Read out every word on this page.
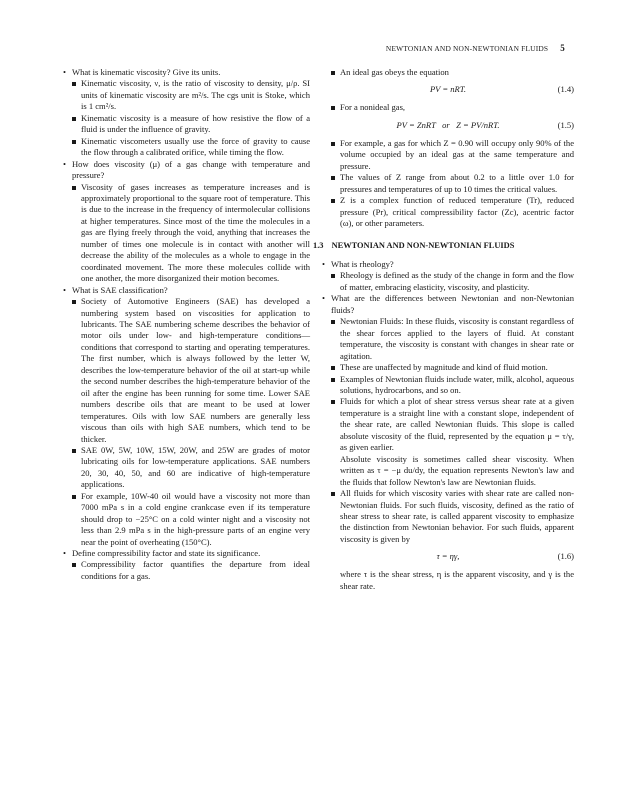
NEWTONIAN AND NON-NEWTONIAN FLUIDS 5

• What is kinematic viscosity? Give its units.

Kinematic viscosity, ν, is the ratio of viscosity to density, μ/ρ. SI units of kinematic viscosity are m²/s. The cgs unit is Stoke, which is 1 cm²/s.

Kinematic viscosity is a measure of how resistive the flow of a fluid is under the influence of gravity.

Kinematic viscometers usually use the force of gravity to cause the flow through a calibrated orifice, while timing the flow.

• How does viscosity (μ) of a gas change with temperature and pressure?

Viscosity of gases increases as temperature increases and is approximately proportional to the square root of temperature. This is due to the increase in the frequency of intermolecular collisions at higher temperatures. Since most of the time the molecules in a gas are flying freely through the void, anything that increases the number of times one molecule is in contact with another will decrease the ability of the molecules as a whole to engage in the coordinated movement. The more these molecules collide with one another, the more disorganized their motion becomes.

• What is SAE classification?

Society of Automotive Engineers (SAE) has developed a numbering system based on viscosities for application to lubricants. The SAE numbering scheme describes the behavior of motor oils under low- and high-temperature conditions—conditions that correspond to starting and operating temperatures. The first number, which is always followed by the letter W, describes the low-temperature behavior of the oil at start-up while the second number describes the high-temperature behavior of the oil after the engine has been running for some time. Lower SAE numbers describe oils that are meant to be used at lower temperatures. Oils with low SAE numbers are generally less viscous than oils with high SAE numbers, which tend to be thicker.

SAE 0W, 5W, 10W, 15W, 20W, and 25W are grades of motor lubricating oils for low-temperature applications. SAE numbers 20, 30, 40, 50, and 60 are indicative of high-temperature applications.

For example, 10W-40 oil would have a viscosity not more than 7000 mPa s in a cold engine crankcase even if its temperature should drop to −25°C on a cold winter night and a viscosity not less than 2.9 mPa s in the high-pressure parts of an engine very near the point of overheating (150°C).

• Define compressibility factor and state its significance.

Compressibility factor quantifies the departure from ideal conditions for a gas.

An ideal gas obeys the equation

PV = nRT.	(1.4)

For a nonideal gas,

PV = ZnRT   or   Z = PV/nRT.	(1.5)

For example, a gas for which Z = 0.90 will occupy only 90% of the volume occupied by an ideal gas at the same temperature and pressure.

The values of Z range from about 0.2 to a little over 1.0 for pressures and temperatures of up to 10 times the critical values.

Z is a complex function of reduced temperature (Tr), reduced pressure (Pr), critical compressibility factor (Zc), acentric factor (ω), or other parameters.

1.3 NEWTONIAN AND NON-NEWTONIAN FLUIDS

• What is rheology?

Rheology is defined as the study of the change in form and the flow of matter, embracing elasticity, viscosity, and plasticity.

• What are the differences between Newtonian and non-Newtonian fluids?

Newtonian Fluids: In these fluids, viscosity is constant regardless of the shear forces applied to the layers of fluid. At constant temperature, the viscosity is constant with changes in shear rate or agitation.

These are unaffected by magnitude and kind of fluid motion.

Examples of Newtonian fluids include water, milk, alcohol, aqueous solutions, hydrocarbons, and so on.

Fluids for which a plot of shear stress versus shear rate at a given temperature is a straight line with a constant slope, independent of the shear rate, are called Newtonian fluids. This slope is called absolute viscosity of the fluid, represented by the equation μ = τ/γ, as given earlier.

Absolute viscosity is sometimes called shear viscosity. When written as τ = −μ du/dy, the equation represents Newton's law and the fluids that follow Newton's law are Newtonian fluids.

All fluids for which viscosity varies with shear rate are called non-Newtonian fluids. For such fluids, viscosity, defined as the ratio of shear stress to shear rate, is called apparent viscosity to emphasize the distinction from Newtonian behavior. For such fluids, apparent viscosity is given by

τ = ηγ,	(1.6)

where τ is the shear stress, η is the apparent viscosity, and γ is the shear rate.
